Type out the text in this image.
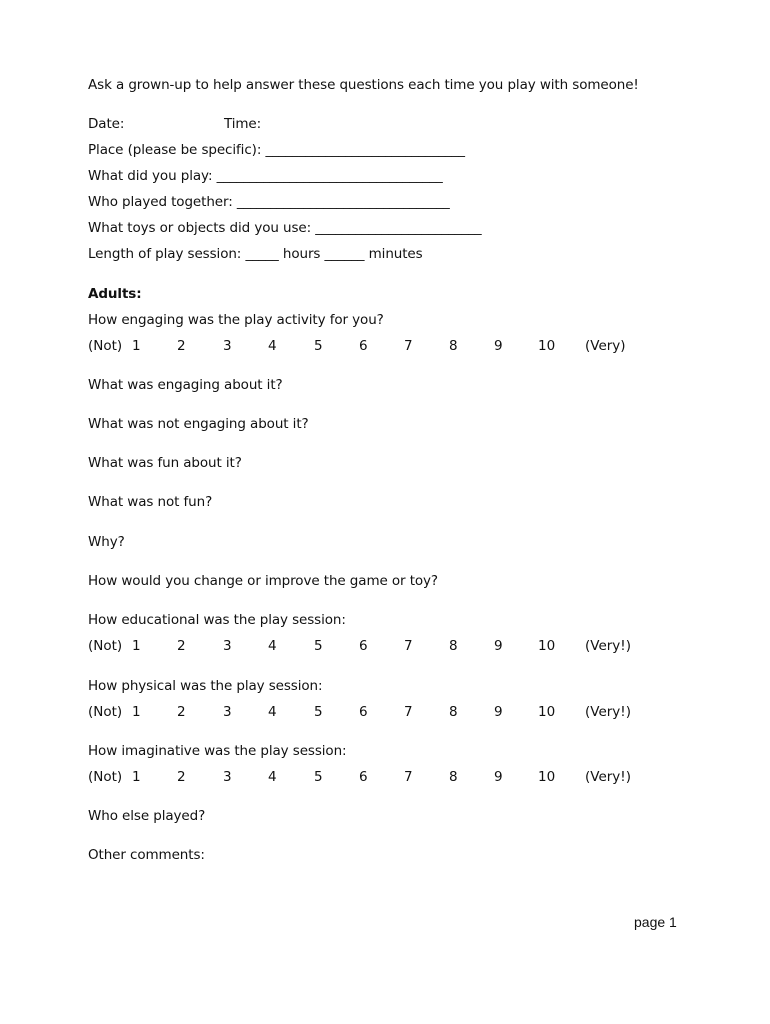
Ask a grown-up to help answer these questions each time you play with someone!
Date:	Time:
Place (please be specific): ______________________________
What did you play: __________________________________
Who played together: ________________________________
What toys or objects did you use: _________________________
Length of play session: _____ hours ______ minutes
Adults:
How engaging was the play activity for you?
(Not) 1	2	3	4	5	6	7	8	9	10 (Very)
What was engaging about it?
What was not engaging about it?
What was fun about it?
What was not fun?
Why?
How would you change or improve the game or toy?
How educational was the play session:
(Not) 1	2	3	4	5	6	7	8	9	10 (Very!)
How physical was the play session:
(Not) 1	2	3	4	5	6	7	8	9	10 (Very!)
How imaginative was the play session:
(Not) 1	2	3	4	5	6	7	8	9	10 (Very!)
Who else played?
Other comments:
page 1
